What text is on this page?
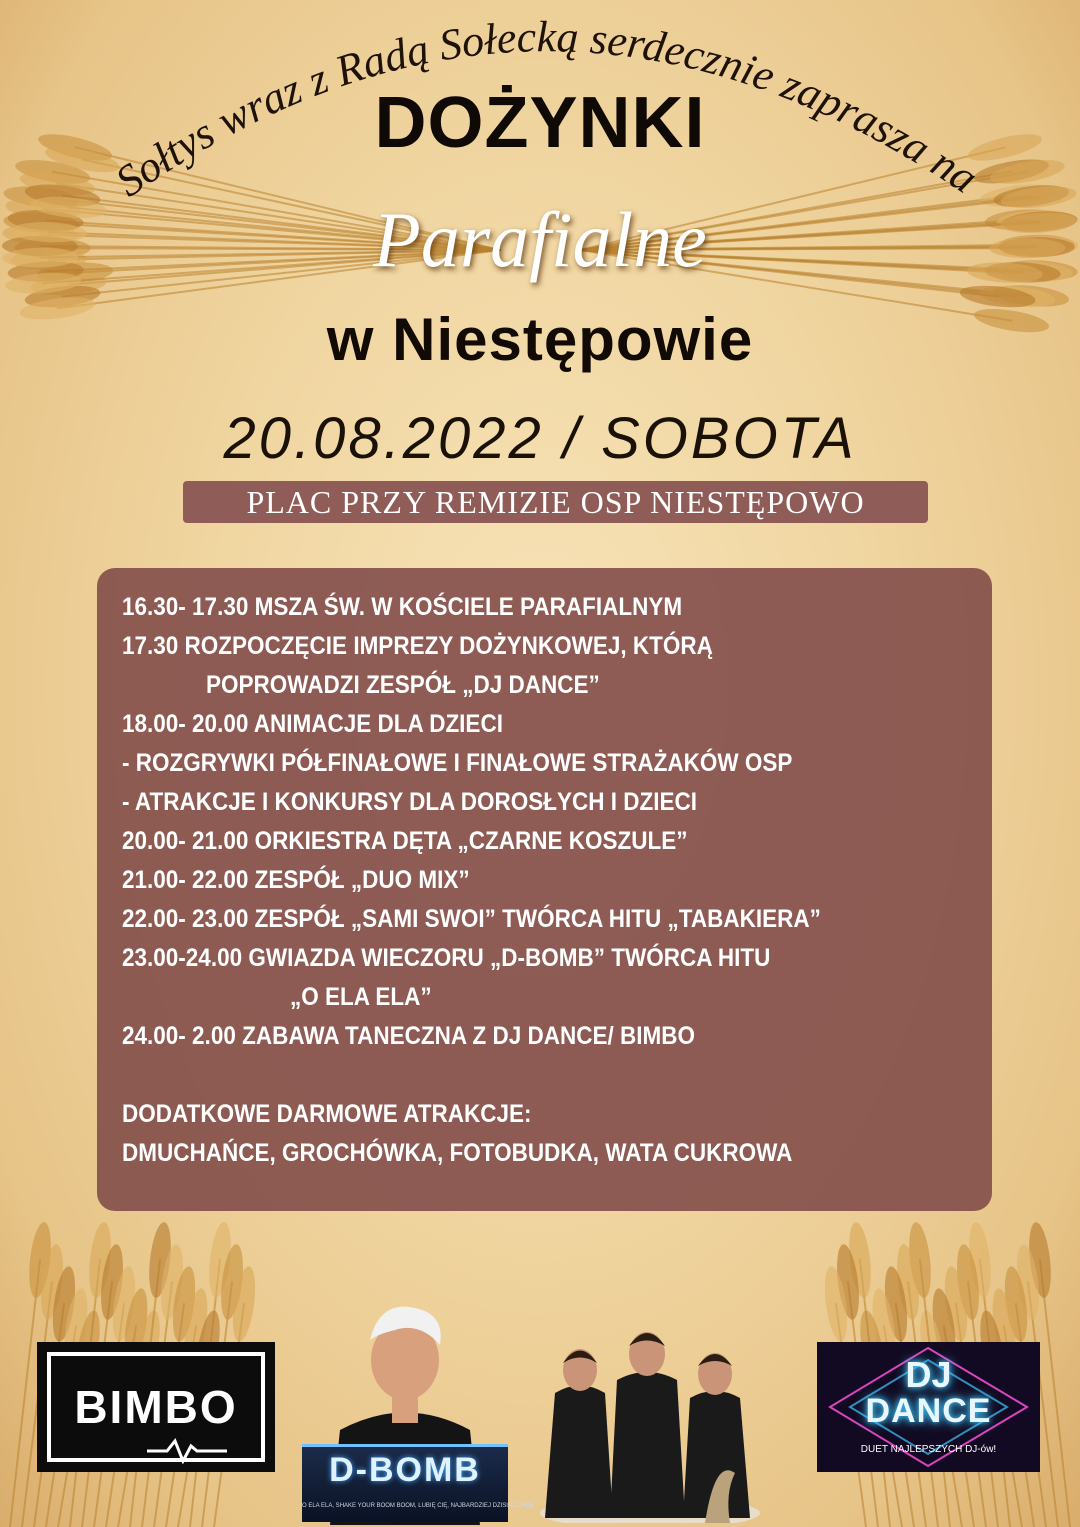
Sołtys wraz z Radą Sołecką serdecznie zaprasza na
DOŻYNKI
Parafialne
w Niestępowie
20.08.2022 / SOBOTA
PLAC PRZY REMIZIE OSP NIESTĘPOWO
16.30- 17.30 MSZA ŚW. W KOŚCIELE PARAFIALNYM
17.30 ROZPOCZĘCIE IMPREZY DOŻYNKOWEJ, KTÓRĄ
POPROWADZI ZESPÓŁ „DJ DANCE”
18.00- 20.00 ANIMACJE DLA DZIECI
- ROZGRYWKI PÓŁFINAŁOWE I FINAŁOWE STRAŻAKÓW OSP
- ATRAKCJE I KONKURSY DLA DOROSŁYCH I DZIECI
20.00- 21.00 ORKIESTRA DĘTA „CZARNE KOSZULE”
21.00- 22.00 ZESPÓŁ „DUO MIX”
22.00- 23.00 ZESPÓŁ „SAMI SWOI” TWÓRCA HITU „TABAKIERA”
23.00-24.00 GWIAZDA WIECZORU „D-BOMB” TWÓRCA HITU
„O ELA ELA”
24.00- 2.00 ZABAWA TANECZNA Z DJ DANCE/ BIMBO
DODATKOWE DARMOWE ATRAKCJE:
DMUCHAŃCE, GROCHÓWKA, FOTOBUDKA, WATA CUKROWA
BIMBO
D-BOMB
O ELA ELA, SHAKE YOUR BOOM BOOM, LUBIĘ CIĘ, NAJBARDZIEJ DZISIAJ CHCĘ
DJ
DANCE
DUET NAJLEPSZYCH DJ-ów!
